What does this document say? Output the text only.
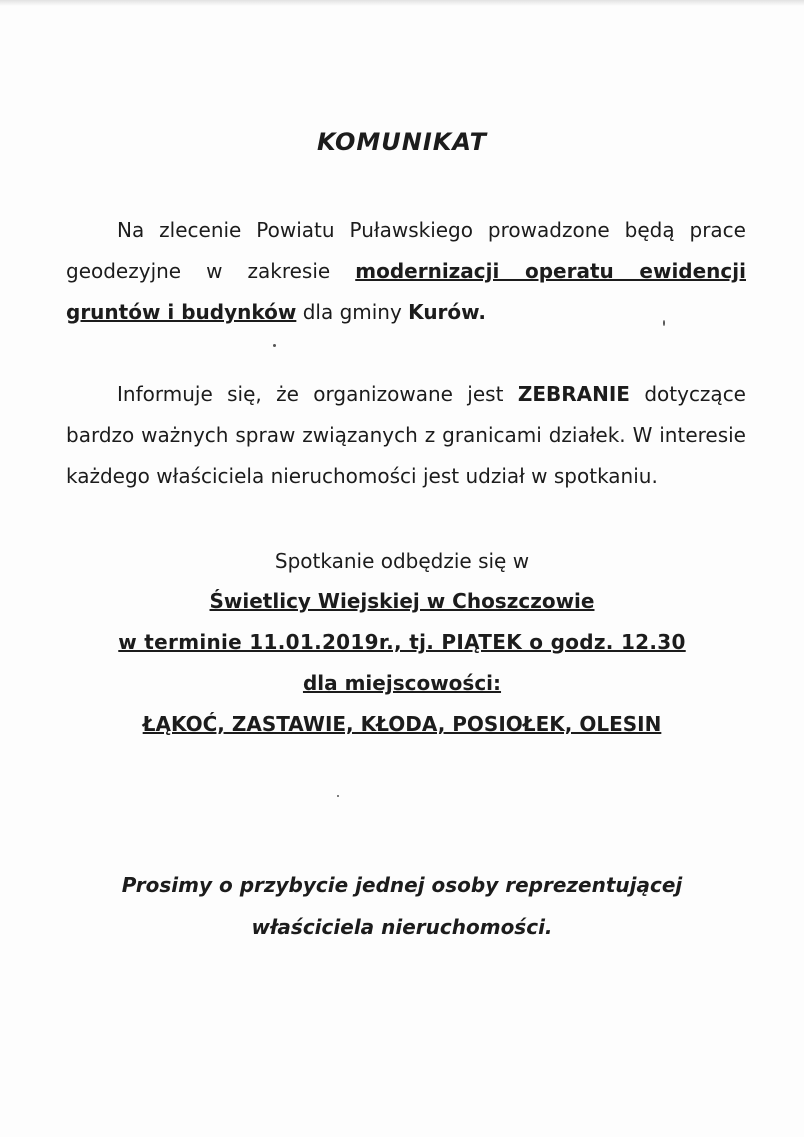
KOMUNIKAT

Na zlecenie Powiatu Puławskiego prowadzone będą prace geodezyjne w zakresie modernizacji operatu ewidencji gruntów i budynków dla gminy Kurów.

Informuje się, że organizowane jest ZEBRANIE dotyczące bardzo ważnych spraw związanych z granicami działek. W interesie każdego właściciela nieruchomości jest udział w spotkaniu.

Spotkanie odbędzie się w

Świetlicy Wiejskiej w Choszczowie

w terminie 11.01.2019r., tj. PIĄTEK o godz. 12.30

dla miejscowości:

ŁĄKOĆ, ZASTAWIE, KŁODA, POSIOŁEK, OLESIN

Prosimy o przybycie jednej osoby reprezentującej

właściciela nieruchomości.
